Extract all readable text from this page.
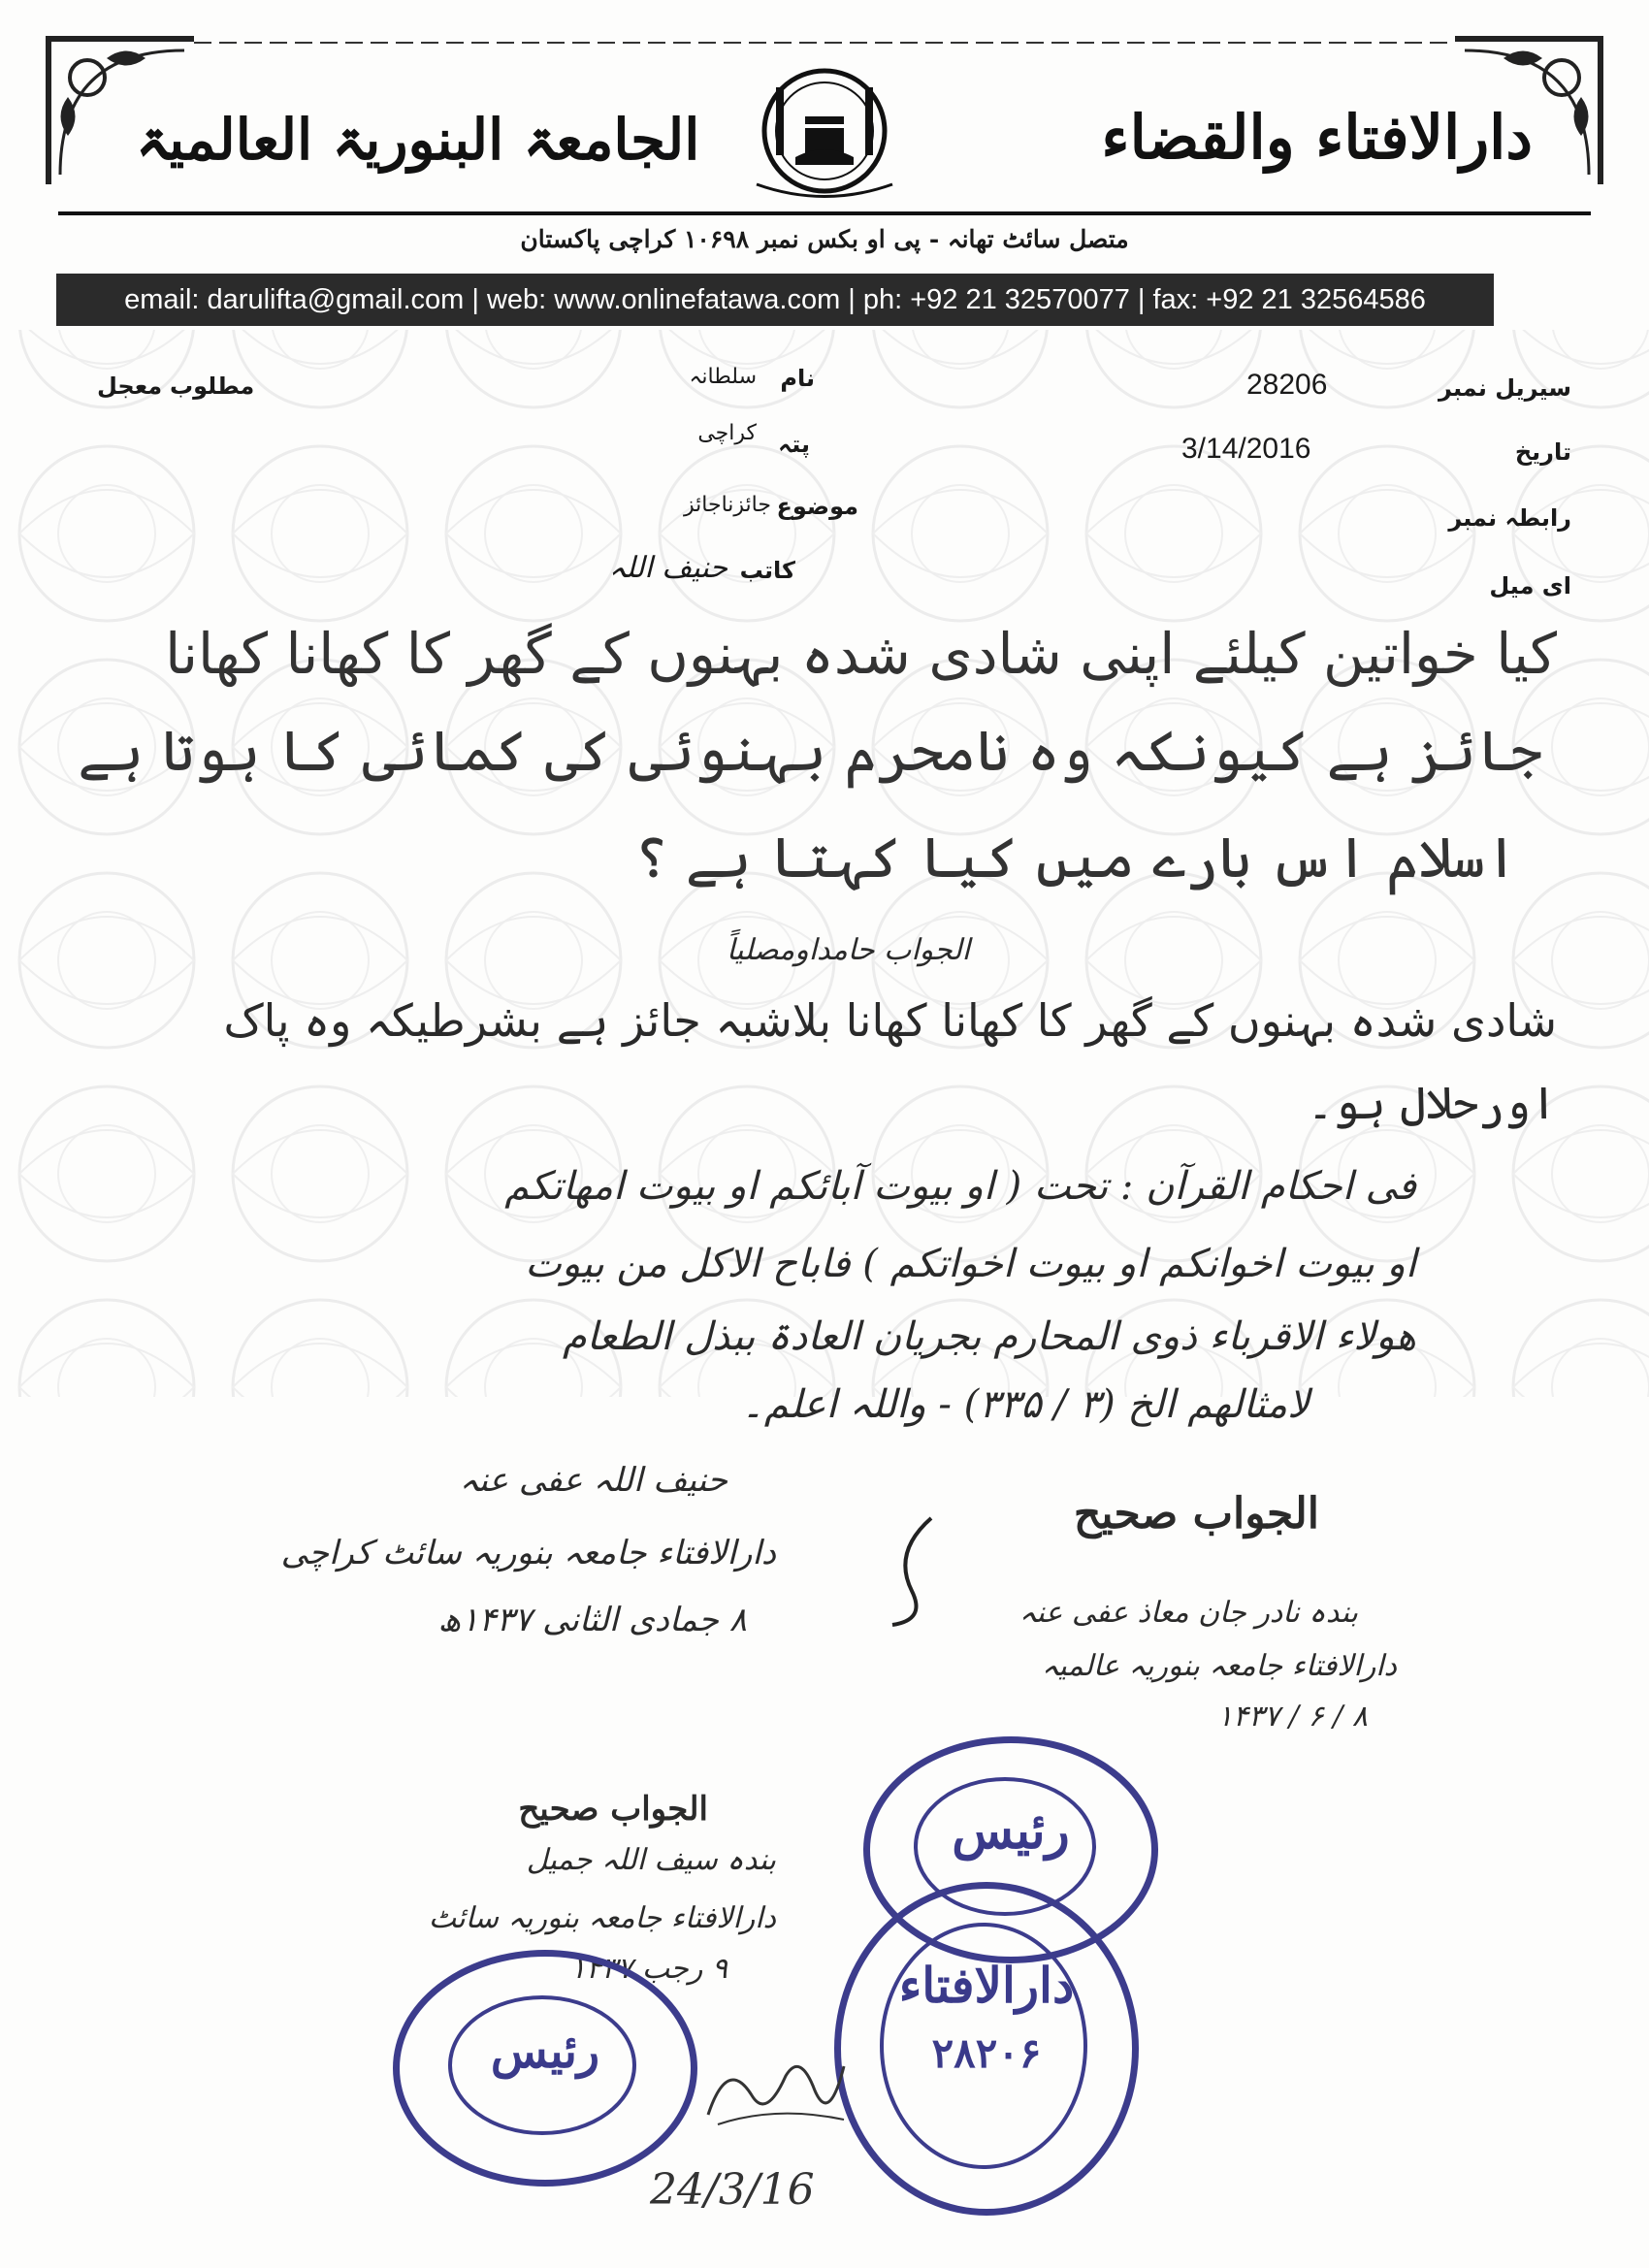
دارالافتاء والقضاء
الجامعۃ البنوریۃ العالمیۃ
متصل سائٹ تھانہ - پی او بکس نمبر ۱۰۶۹۸ کراچی پاکستان
email: darulifta@gmail.com | web: www.onlinefatawa.com | ph: +92 21 32570077 | fax: +92 21 32564586
سیریل نمبر
28206
تاریخ
3/14/2016
رابطہ نمبر
ای میل
نام
سلطانہ
پتہ
کراچی
موضوع
جائزناجائز
کاتب
حنیف اللہ
مطلوب
معجل
کیا خواتین کیلئے اپنی شادی شدہ بہنوں کے گھر کا کھانا کھانا
جائز ہے کیونکہ وہ نامحرم بہنوئی کی کمائی کا ہوتا ہے
اسلام اس بارے میں کیا کہتا ہے ؟
الجواب حامداومصلیاً
شادی شدہ بہنوں کے گھر کا کھانا کھانا بلاشبہ جائز ہے بشرطیکہ وہ پاک
اورحلال ہو۔
فی احکام القرآن : تحت ( او بیوت آبائکم او بیوت امھاتکم
او بیوت اخوانکم او بیوت اخواتکم ) فاباح الاکل من بیوت
ھولاء الاقرباء ذوی المحارم بجریان العادۃ ببذل الطعام
لامثالھم الخ (۳ / ۳۳۵) - واللہ اعلم۔
حنیف اللہ عفی عنہ
دارالافتاء جامعہ بنوریہ سائٹ کراچی
۸ جمادی الثانی ۱۴۳۷ھ
الجواب صحیح
بندہ نادر جان معاذ عفی عنہ
دارالافتاء جامعہ بنوریہ عالمیہ
۸ / ۶ / ۱۴۳۷
الجواب صحیح
بندہ سیف اللہ جمیل
دارالافتاء جامعہ بنوریہ سائٹ
۹ رجب ۱۴۳۷
رئیس
رئیس
دارالافتاء
۲۸۲۰۶
24/3/16
